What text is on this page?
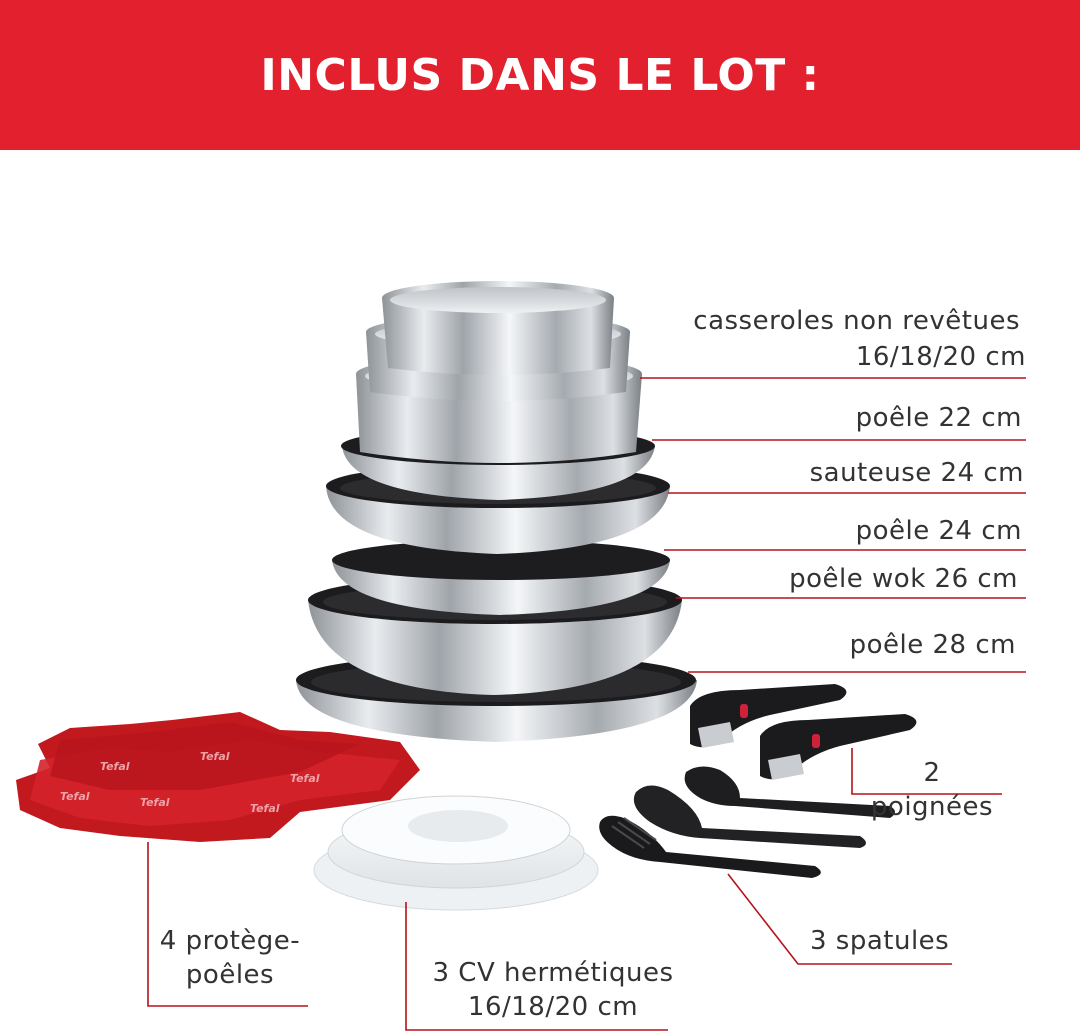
INCLUS DANS LE LOT :
Tefal
Tefal
Tefal
Tefal	Tefal
Tefal
casseroles non revêtues
16/18/20 cm
poêle 22 cm
sauteuse 24 cm
poêle 24 cm
poêle wok 26 cm
poêle 28 cm
2
poignées
4 protège-
poêles	3 CV hermétiques
16/18/20 cm
3 spatules
